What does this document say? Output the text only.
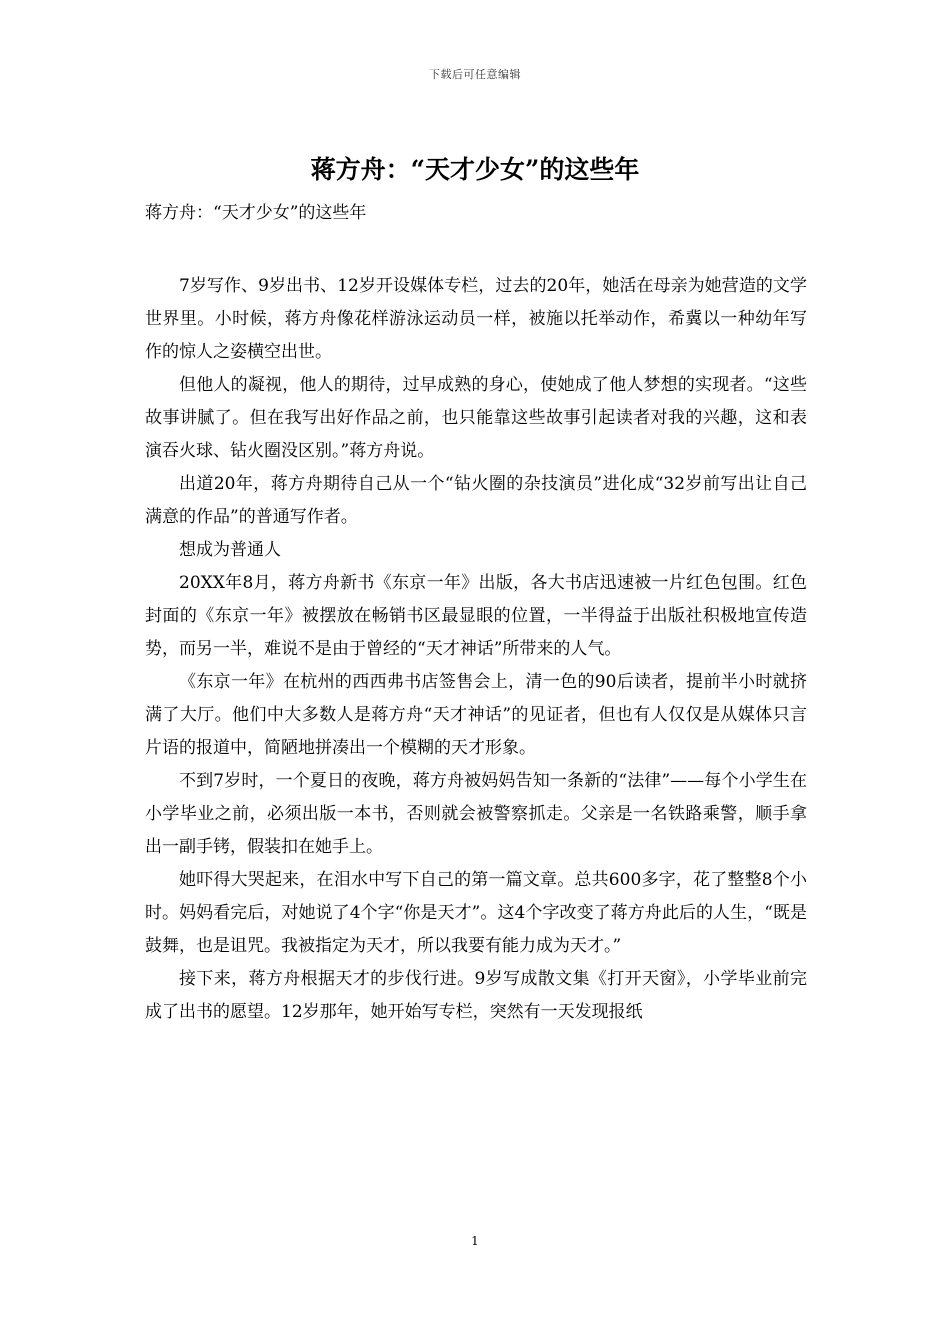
下载后可任意编辑
蒋方舟：“天才少女”的这些年
蒋方舟：“天才少女”的这些年

7岁写作、9岁出书、12岁开设媒体专栏，过去的20年，她活在母亲为她营造的文学世界里。小时候，蒋方舟像花样游泳运动员一样，被施以托举动作，希冀以一种幼年写作的惊人之姿横空出世。

但他人的凝视，他人的期待，过早成熟的身心，使她成了他人梦想的实现者。“这些故事讲腻了。但在我写出好作品之前，也只能靠这些故事引起读者对我的兴趣，这和表演吞火球、钻火圈没区别。”蒋方舟说。

出道20年，蒋方舟期待自己从一个“钻火圈的杂技演员”进化成“32岁前写出让自己满意的作品”的普通写作者。

想成为普通人

20XX年8月，蒋方舟新书《东京一年》出版，各大书店迅速被一片红色包围。红色封面的《东京一年》被摆放在畅销书区最显眼的位置，一半得益于出版社积极地宣传造势，而另一半，难说不是由于曾经的“天才神话”所带来的人气。

《东京一年》在杭州的西西弗书店签售会上，清一色的90后读者，提前半小时就挤满了大厅。他们中大多数人是蒋方舟“天才神话”的见证者，但也有人仅仅是从媒体只言片语的报道中，简陋地拼凑出一个模糊的天才形象。

不到7岁时，一个夏日的夜晚，蒋方舟被妈妈告知一条新的“法律”——每个小学生在小学毕业之前，必须出版一本书，否则就会被警察抓走。父亲是一名铁路乘警，顺手拿出一副手铐，假装扣在她手上。

她吓得大哭起来，在泪水中写下自己的第一篇文章。总共600多字，花了整整8个小时。妈妈看完后，对她说了4个字“你是天才”。这4个字改变了蒋方舟此后的人生，“既是鼓舞，也是诅咒。我被指定为天才，所以我要有能力成为天才。”

接下来，蒋方舟根据天才的步伐行进。9岁写成散文集《打开天窗》，小学毕业前完成了出书的愿望。12岁那年，她开始写专栏，突然有一天发现报纸

1
